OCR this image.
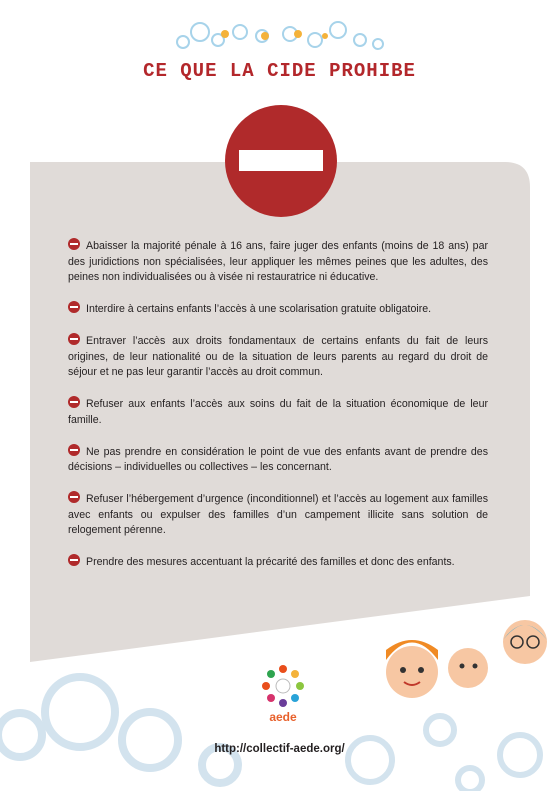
CE QUE LA CIDE PROHIBE
Abaisser la majorité pénale à 16 ans, faire juger des enfants (moins de 18 ans) par des juridictions non spécialisées, leur appliquer les mêmes peines que les adultes, des peines non individualisées ou à visée ni restauratrice ni éducative.
Interdire à certains enfants l’accès à une scolarisation gratuite obligatoire.
Entraver l’accès aux droits fondamentaux de certains enfants du fait de leurs origines, de leur nationalité ou de la situation de leurs parents au regard du droit de séjour et ne pas leur garantir l’accès au droit commun.
Refuser aux enfants l’accès aux soins du fait de la situation économique de leur famille.
Ne pas prendre en considération le point de vue des enfants avant de prendre des décisions – individuelles ou collectives – les concernant.
Refuser l’hébergement d’urgence (inconditionnel) et l’accès au logement aux familles avec enfants ou expulser des familles d’un campement illicite sans solution de relogement pérenne.
Prendre des mesures accentuant la précarité des familles et donc des enfants.
aede
http://collectif-aede.org/
